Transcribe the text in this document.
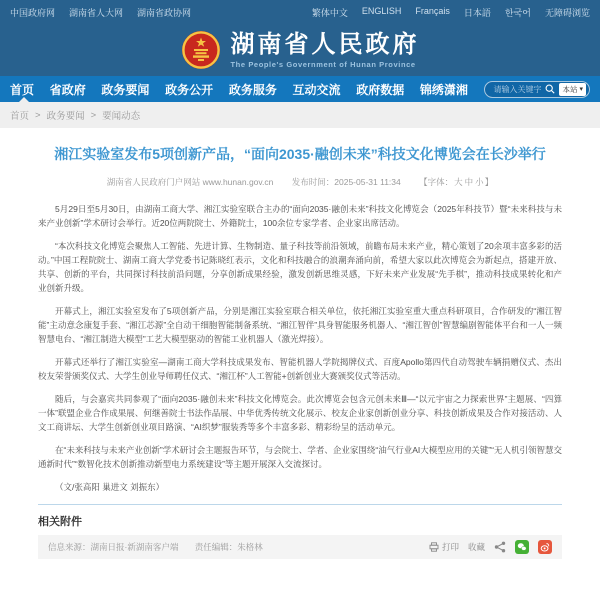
中国政府网 湖南省人大网 湖南省政协网	繁体中文 ENGLISH Français 日本語 한국어 无障碍浏览
湖南省人民政府
The People's Government of Hunan Province
首页 省政府 政务要闻 政务公开 政务服务 互动交流 政府数据 锦绣潇湘
请输入关键字	本站 ▾
首页 > 政务要闻 > 要闻动态
湘江实验室发布5项创新产品，“面向2035·融创未来”科技文化博览会在长沙举行
湖南省人民政府门户网站 www.hunan.gov.cn 发布时间：2025-05-31 11:34 【字体：大 中 小】

5月29日至5月30日，由湖南工商大学、湘江实验室联合主办的“面向2035·融创未来”科技文化博览会（2025年科技节）暨“未来科技与未来产业创新”学术研讨会举行。近20位两院院士、外籍院士，100余位专家学者、企业家出席活动。

“本次科技文化博览会聚焦人工智能、先进计算、生物制造、量子科技等前沿领域，前瞻布局未来产业，精心策划了20余项丰富多彩的活动。”中国工程院院士、湖南工商大学党委书记陈晓红表示，文化和科技融合的浪潮奔涌向前，希望大家以此次博览会为新起点，搭建开放、共享、创新的平台，共同探讨科技前沿问题，分享创新成果经验，激发创新思维灵感，下好未来产业发展“先手棋”，推动科技成果转化和产业创新升级。

开幕式上，湘江实验室发布了5项创新产品，分别是湘江实验室联合相关单位，依托湘江实验室重大重点科研项目，合作研发的“湘江智能”主动意念康复手套、“湘江芯源”全自动干细胞智能制备系统、“湘江智伴”具身智能服务机器人、“湘江智创”智慧编剧智能体平台和一人一频智慧电台、“湘江制造大模型”工艺大模型驱动的智能工业机器人（激光焊接）。

开幕式还举行了湘江实验室—湖南工商大学科技成果发布、智能机器人学院揭牌仪式、百度Apollo第四代自动驾驶车辆捐赠仪式、杰出校友荣誉颁奖仪式、大学生创业导师聘任仪式、“湘江杯”人工智能+创新创业大赛颁奖仪式等活动。

随后，与会嘉宾共同参观了“面向2035·融创未来”科技文化博览会。此次博览会包含元创未来Ⅲ—“以元宇宙之力探索世界”主题展、“四算一体”联盟企业合作成果展、何继善院士书法作品展、中华优秀传统文化展示、校友企业家创新创业分享、科技创新成果及合作对接活动、人文工商讲坛、大学生创新创业项目路演、“AI织梦”服装秀等多个丰富多彩、精彩纷呈的活动单元。

在“未来科技与未来产业创新”学术研讨会主题报告环节，与会院士、学者、企业家围绕“油气行业AI大模型应用的关键”“无人机引领智慧交通新时代”“数智化技术创新推动新型电力系统建设”等主题开展深入交流探讨。

（文/张高阳 巢进文 刘振东）
相关附件
信息来源：湖南日报·新湖南客户端 责任编辑：朱格林	打印 收藏
